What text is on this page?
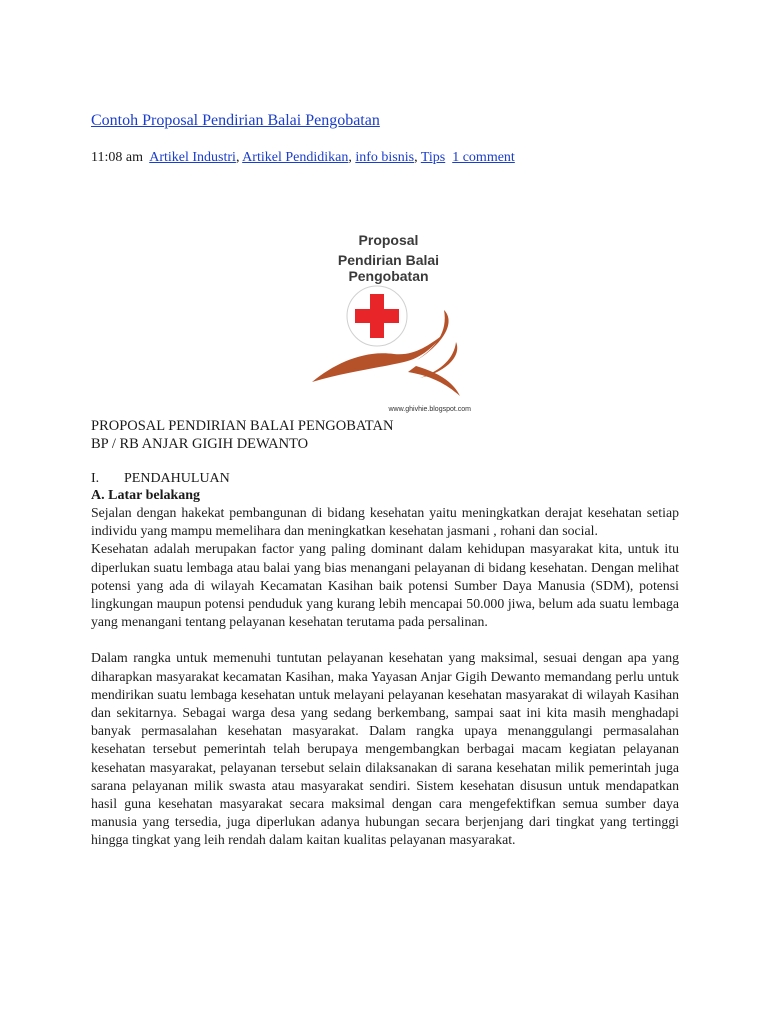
Contoh Proposal Pendirian Balai Pengobatan
11:08 am Artikel Industri, Artikel Pendidikan, info bisnis, Tips 1 comment
Proposal
Pendirian Balai Pengobatan
www.ghivhie.blogspot.com
PROPOSAL PENDIRIAN BALAI PENGOBATAN
BP / RB ANJAR GIGIH DEWANTO
I. PENDAHULUAN
A. Latar belakang

Sejalan dengan hakekat pembangunan di bidang kesehatan yaitu meningkatkan derajat kesehatan setiap individu yang mampu memelihara dan meningkatkan kesehatan jasmani , rohani dan social.

Kesehatan adalah merupakan factor yang paling dominant dalam kehidupan masyarakat kita, untuk itu diperlukan suatu lembaga atau balai yang bias menangani pelayanan di bidang kesehatan. Dengan melihat potensi yang ada di wilayah Kecamatan Kasihan baik potensi Sumber Daya Manusia (SDM), potensi lingkungan maupun potensi penduduk yang kurang lebih mencapai 50.000 jiwa, belum ada suatu lembaga yang menangani tentang pelayanan kesehatan terutama pada persalinan.

Dalam rangka untuk memenuhi tuntutan pelayanan kesehatan yang maksimal, sesuai dengan apa yang diharapkan masyarakat kecamatan Kasihan, maka Yayasan Anjar Gigih Dewanto memandang perlu untuk mendirikan suatu lembaga kesehatan untuk melayani pelayanan kesehatan masyarakat di wilayah Kasihan dan sekitarnya. Sebagai warga desa yang sedang berkembang, sampai saat ini kita masih menghadapi banyak permasalahan kesehatan masyarakat. Dalam rangka upaya menanggulangi permasalahan kesehatan tersebut pemerintah telah berupaya mengembangkan berbagai macam kegiatan pelayanan kesehatan masyarakat, pelayanan tersebut selain dilaksanakan di sarana kesehatan milik pemerintah juga sarana pelayanan milik swasta atau masyarakat sendiri. Sistem kesehatan disusun untuk mendapatkan hasil guna kesehatan masyarakat secara maksimal dengan cara mengefektifkan semua sumber daya manusia yang tersedia, juga diperlukan adanya hubungan secara berjenjang dari tingkat yang tertinggi hingga tingkat yang leih rendah dalam kaitan kualitas pelayanan masyarakat.
